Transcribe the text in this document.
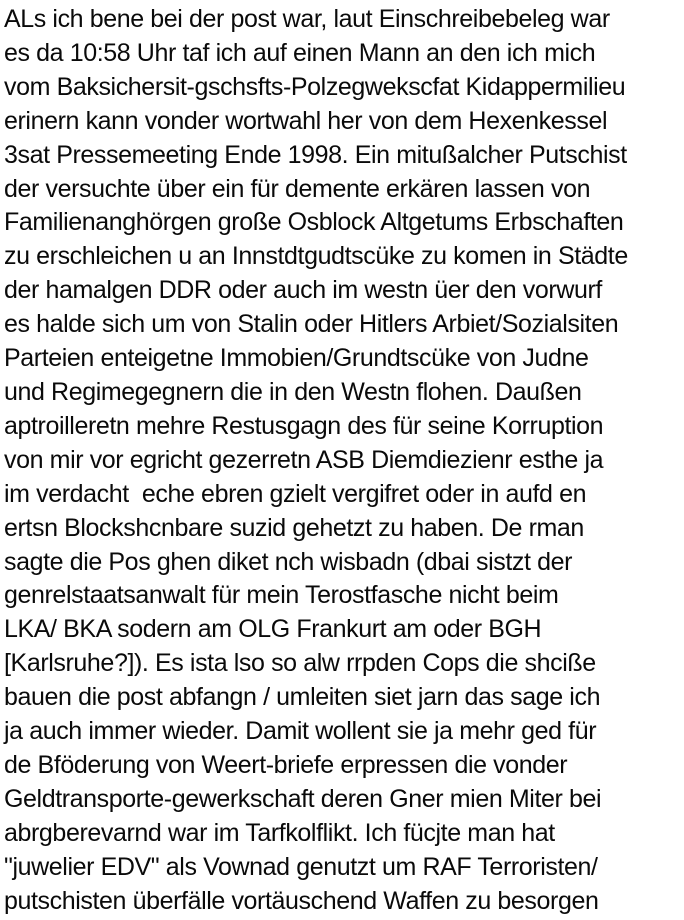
ALs ich bene bei der post war, laut Einschreibebeleg war
es da 10:58 Uhr taf ich auf einen Mann an den ich mich
vom Baksichersit-gschsfts-Polzegwekscfat Kidappermilieu
erinern kann vonder wortwahl her von dem Hexenkessel
3sat Pressemeeting Ende 1998. Ein mitußalcher Putschist
der versuchte über ein für demente erkären lassen von
Familienanghörgen große Osblock Altgetums Erbschaften
zu erschleichen u an Innstdtgudtscüke zu komen in Städte
der hamalgen DDR oder auch im westn üer den vorwurf
es halde sich um von Stalin oder Hitlers Arbiet/Sozialsiten
Parteien enteigetne Immobien/Grundtscüke von Judne
und Regimegegnern die in den Westn flohen. Daußen
aptroilleretn mehre Restusgagn des für seine Korruption
von mir vor egricht gezerretn ASB Diemdiezienr esthe ja
im verdacht  eche ebren gzielt vergifret oder in aufd en
ertsn Blockshcnbare suzid gehetzt zu haben. De rman
sagte die Pos ghen diket nch wisbadn (dbai sistzt der
genrelstaatsanwalt für mein Terostfasche nicht beim
LKA/ BKA sodern am OLG Frankurt am oder BGH
[Karlsruhe?]). Es ista lso so alw rrpden Cops die shciße
bauen die post abfangn / umleiten siet jarn das sage ich
ja auch immer wieder. Damit wollent sie ja mehr ged für
de Bföderung von Weert-briefe erpressen die vonder
Geldtransporte-gewerkschaft deren Gner mien Miter bei
abrgberevarnd war im Tarfkolflikt. Ich fücjte man hat
"juwelier EDV" als Vownad genutzt um RAF Terroristen/
putschisten überfälle vortäuschend Waffen zu besorgen
